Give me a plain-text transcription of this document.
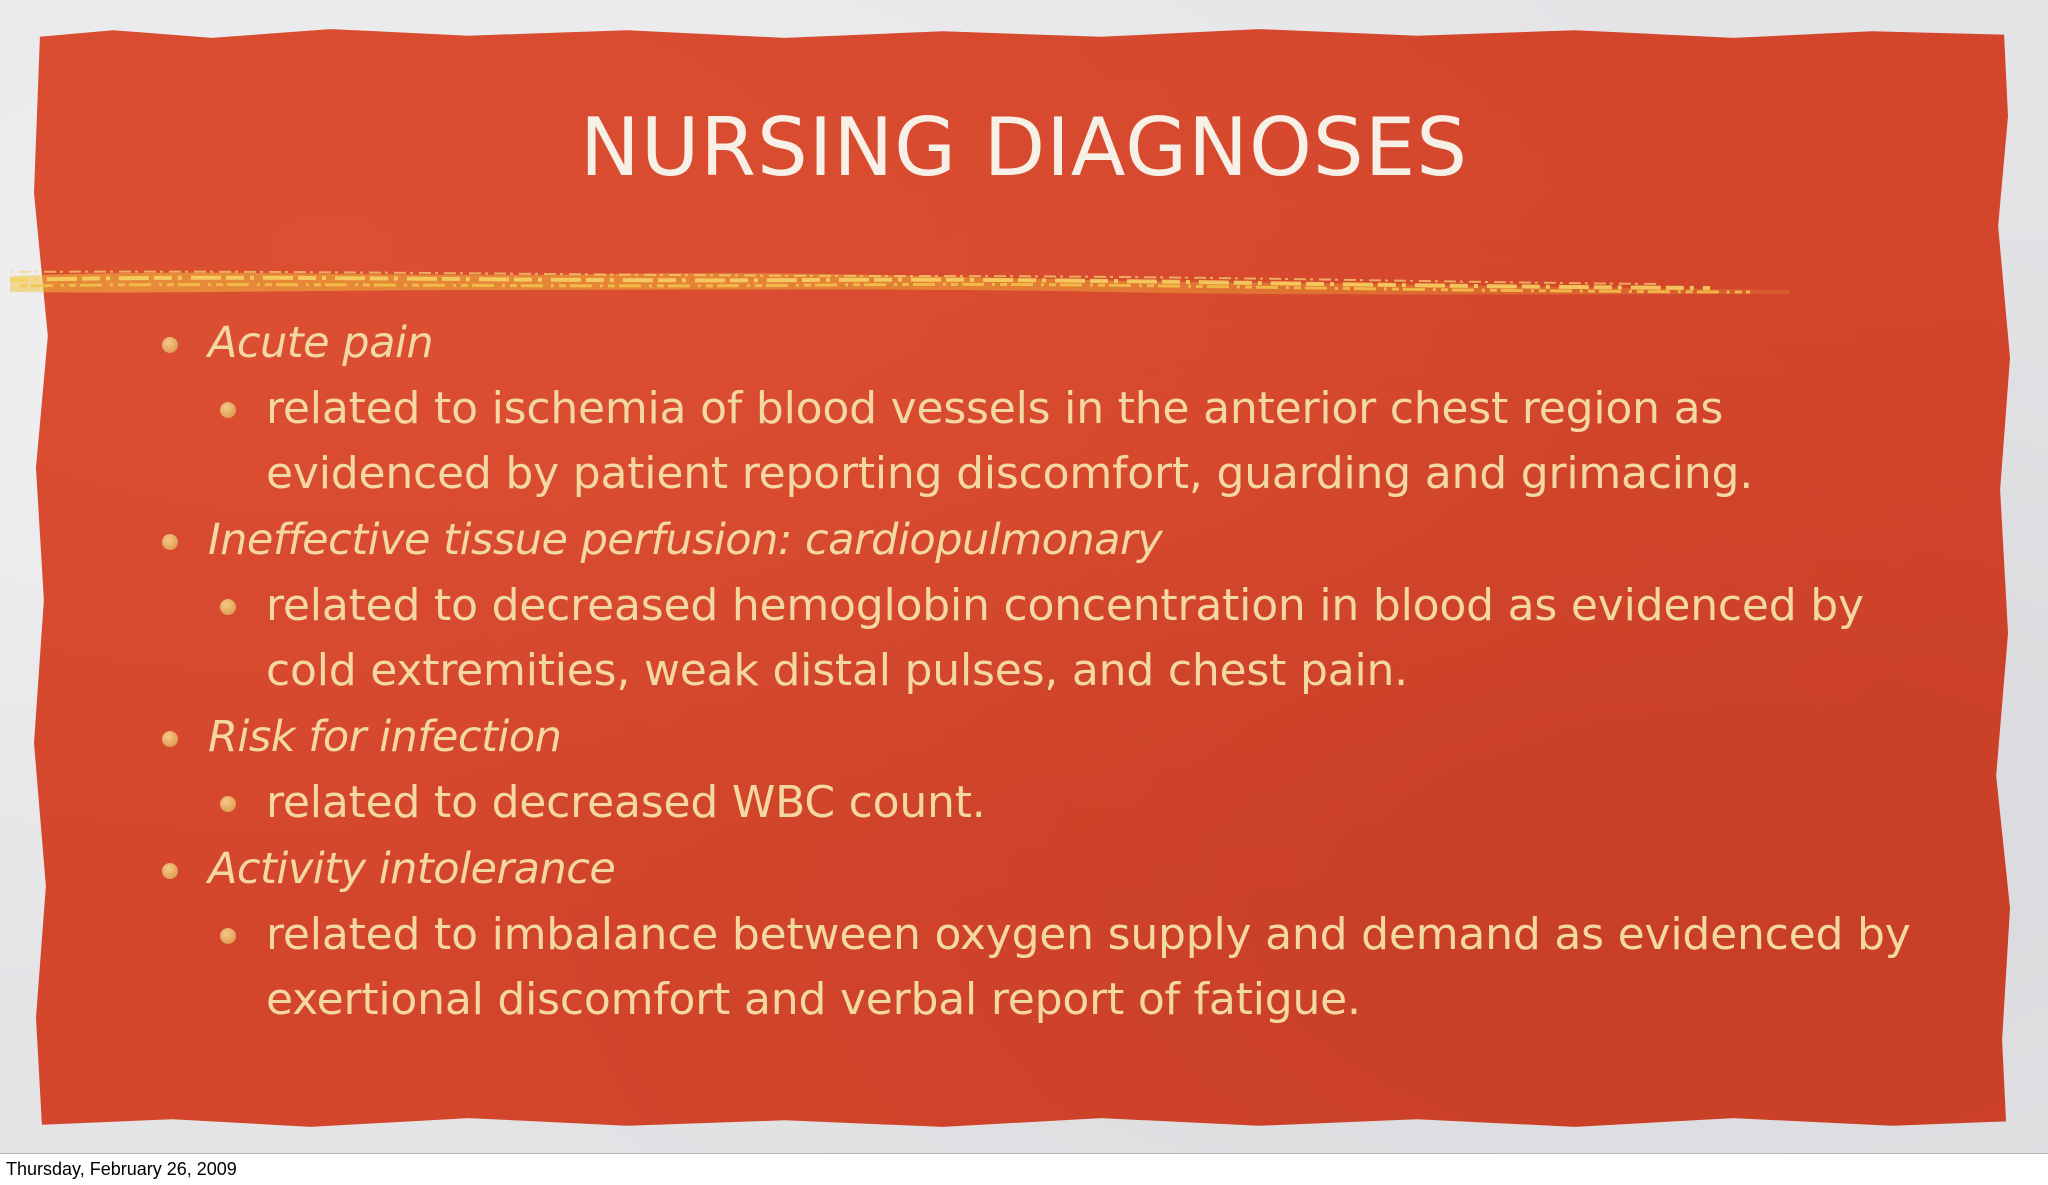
NURSING DIAGNOSES
Acute pain
related to ischemia of blood vessels in the anterior chest region as
evidenced by patient reporting discomfort, guarding and grimacing.
Ineffective tissue perfusion: cardiopulmonary
related to decreased hemoglobin concentration in blood as evidenced by
cold extremities, weak distal pulses, and chest pain.
Risk for infection
related to decreased WBC count.
Activity intolerance
related to imbalance between oxygen supply and demand as evidenced by
exertional discomfort and verbal report of fatigue.
Thursday, February 26, 2009
